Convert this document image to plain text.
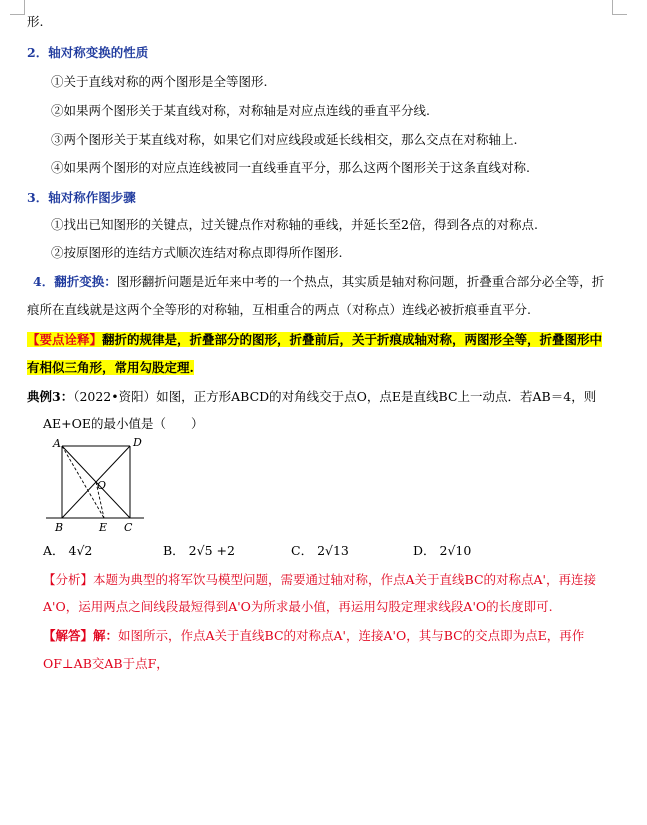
形.
2．轴对称变换的性质
①关于直线对称的两个图形是全等图形.
②如果两个图形关于某直线对称，对称轴是对应点连线的垂直平分线.
③两个图形关于某直线对称，如果它们对应线段或延长线相交，那么交点在对称轴上.
④如果两个图形的对应点连线被同一直线垂直平分，那么这两个图形关于这条直线对称.
3．轴对称作图步骤
①找出已知图形的关键点，过关键点作对称轴的垂线，并延长至2倍，得到各点的对称点.
②按原图形的连结方式顺次连结对称点即得所作图形.
4．翻折变换：图形翻折问题是近年来中考的一个热点，其实质是轴对称问题，折叠重合部分必全等，折
痕所在直线就是这两个全等形的对称轴，互相重合的两点（对称点）连线必被折痕垂直平分.
【要点诠释】翻折的规律是，折叠部分的图形，折叠前后，关于折痕成轴对称，两图形全等，折叠图形中
有相似三角形，常用勾股定理.
典例3：（2022•资阳）如图，正方形ABCD的对角线交于点O，点E是直线BC上一动点．若AB＝4，则
AE+OE的最小值是（　　）
A	D
O
B	E C
A． 4√2	B． 2√5 +2	C． 2√13	D． 2√10
【分析】本题为典型的将军饮马模型问题，需要通过轴对称，作点A关于直线BC的对称点A'，再连接
A'O，运用两点之间线段最短得到A'O为所求最小值，再运用勾股定理求线段A'O的长度即可.
【解答】解：如图所示，作点A关于直线BC的对称点A'，连接A'O，其与BC的交点即为点E，再作
OF⊥AB交AB于点F，
